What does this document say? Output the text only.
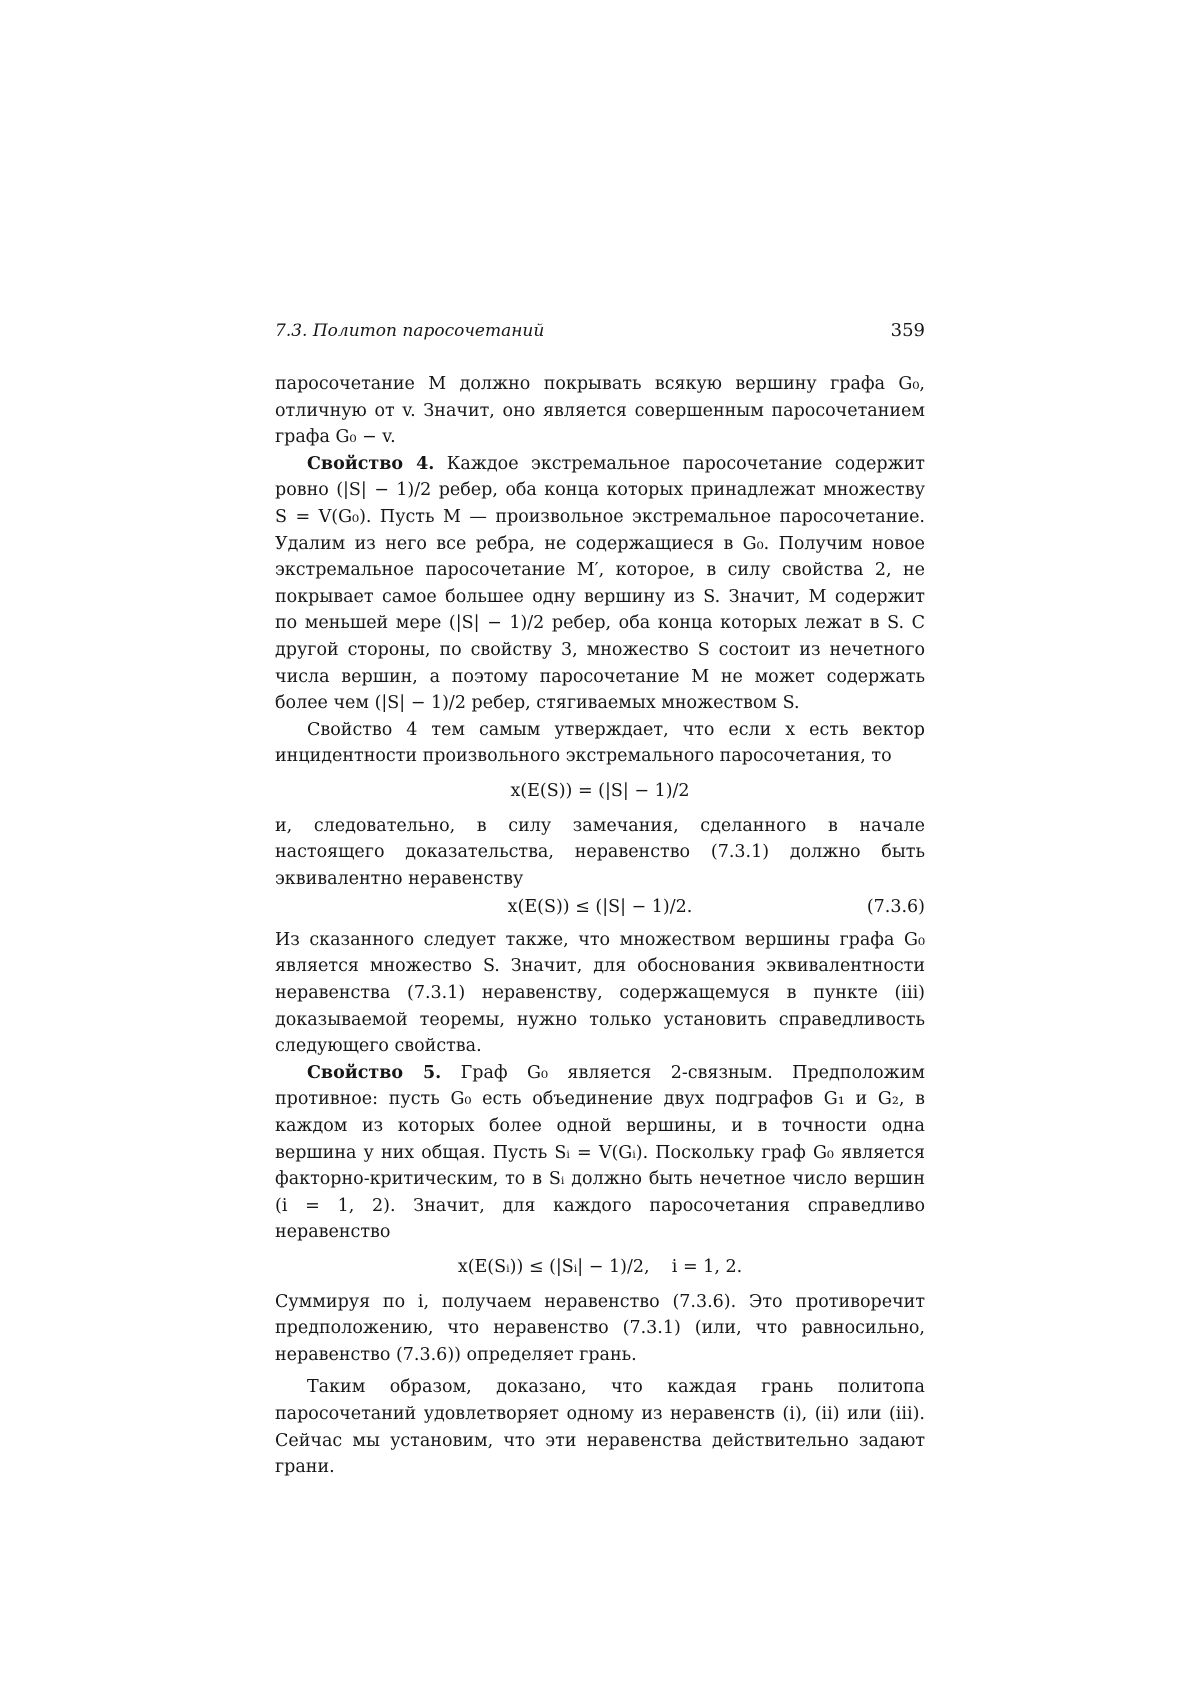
7.3. Политоп паросочетаний	359

паросочетание M должно покрывать всякую вершину графа G₀, отличную от v. Значит, оно является совершенным паросочетанием графа G₀ − v.

Свойство 4. Каждое экстремальное паросочетание содержит ровно (|S| − 1)/2 ребер, оба конца которых принадлежат множеству S = V(G₀). Пусть M — произвольное экстремальное паросочетание. Удалим из него все ребра, не содержащиеся в G₀. Получим новое экстремальное паросочетание M′, которое, в силу свойства 2, не покрывает самое большее одну вершину из S. Значит, M содержит по меньшей мере (|S| − 1)/2 ребер, оба конца которых лежат в S. С другой стороны, по свойству 3, множество S состоит из нечетного числа вершин, а поэтому паросочетание M не может содержать более чем (|S| − 1)/2 ребер, стягиваемых множеством S.

Свойство 4 тем самым утверждает, что если x есть вектор инцидентности произвольного экстремального паросочетания, то

x(E(S)) = (|S| − 1)/2

и, следовательно, в силу замечания, сделанного в начале настоящего доказательства, неравенство (7.3.1) должно быть эквивалентно неравенству

x(E(S)) ≤ (|S| − 1)/2.	(7.3.6)

Из сказанного следует также, что множеством вершины графа G₀ является множество S. Значит, для обоснования эквивалентности неравенства (7.3.1) неравенству, содержащемуся в пункте (iii) доказываемой теоремы, нужно только установить справедливость следующего свойства.

Свойство 5. Граф G₀ является 2-связным. Предположим противное: пусть G₀ есть объединение двух подграфов G₁ и G₂, в каждом из которых более одной вершины, и в точности одна вершина у них общая. Пусть Sᵢ = V(Gᵢ). Поскольку граф G₀ является факторно-критическим, то в Sᵢ должно быть нечетное число вершин (i = 1, 2). Значит, для каждого паросочетания справедливо неравенство

x(E(Sᵢ)) ≤ (|Sᵢ| − 1)/2,    i = 1, 2.

Суммируя по i, получаем неравенство (7.3.6). Это противоречит предположению, что неравенство (7.3.1) (или, что равносильно, неравенство (7.3.6)) определяет грань.

Таким образом, доказано, что каждая грань политопа паросочетаний удовлетворяет одному из неравенств (i), (ii) или (iii). Сейчас мы установим, что эти неравенства действительно задают грани.
